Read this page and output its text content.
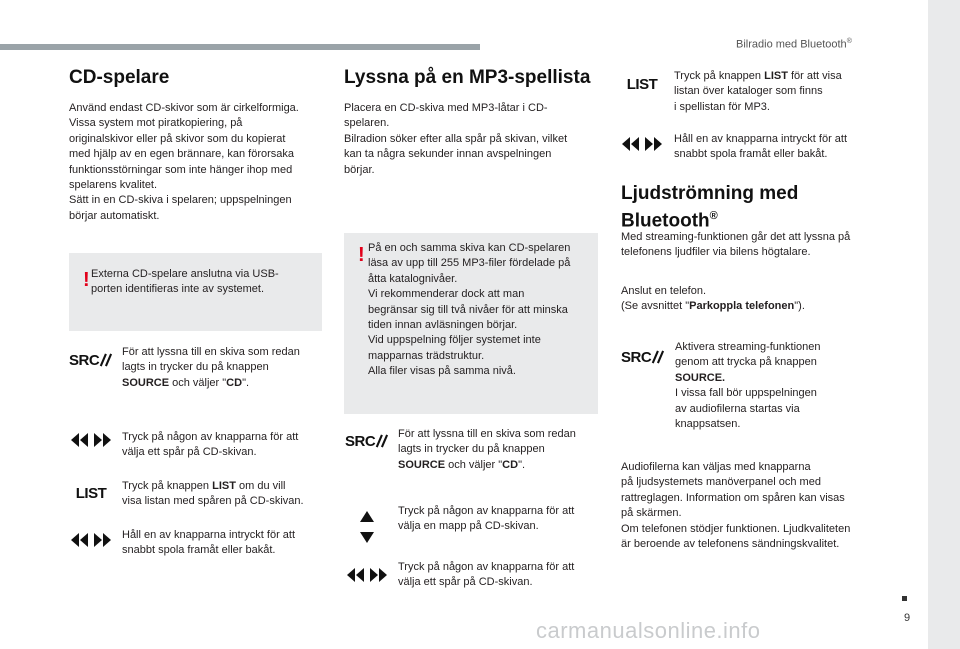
Bilradio med Bluetooth®
9
carmanualsonline.info
CD-spelare
Använd endast CD-skivor som är cirkelformiga.
Vissa system mot piratkopiering, på
originalskivor eller på skivor som du kopierat
med hjälp av en egen brännare, kan förorsaka
funktionsstörningar som inte hänger ihop med
spelarens kvalitet.
Sätt in en CD-skiva i spelaren; uppspelningen
börjar automatiskt.
! Externa CD-spelare anslutna via USB-
porten identifieras inte av systemet.
SRC För att lyssna till en skiva som redan
lagts in trycker du på knappen
SOURCE och väljer "CD".
Tryck på någon av knapparna för att
välja ett spår på CD-skivan.
LIST Tryck på knappen LIST om du vill
visa listan med spåren på CD-skivan.
Håll en av knapparna intryckt för att
snabbt spola framåt eller bakåt.
Lyssna på en MP3-spellista
Placera en CD-skiva med MP3-låtar i CD-
spelaren.
Bilradion söker efter alla spår på skivan, vilket
kan ta några sekunder innan avspelningen
börjar.
! På en och samma skiva kan CD-spelaren
läsa av upp till 255 MP3-filer fördelade på
åtta katalognivåer.
Vi rekommenderar dock att man
begränsar sig till två nivåer för att minska
tiden innan avläsningen börjar.
Vid uppspelning följer systemet inte
mapparnas trädstruktur.
Alla filer visas på samma nivå.
SRC För att lyssna till en skiva som redan
lagts in trycker du på knappen
SOURCE och väljer "CD".
Tryck på någon av knapparna för att
välja en mapp på CD-skivan.
Tryck på någon av knapparna för att
välja ett spår på CD-skivan.
LIST Tryck på knappen LIST för att visa
listan över kataloger som finns
i spellistan för MP3.
Håll en av knapparna intryckt för att
snabbt spola framåt eller bakåt.
Ljudströmning med
Bluetooth®
Med streaming-funktionen går det att lyssna på
telefonens ljudfiler via bilens högtalare.
Anslut en telefon.
(Se avsnittet "Parkoppla telefonen").
SRC
Aktivera streaming-funktionen
genom att trycka på knappen
SOURCE.
I vissa fall bör uppspelningen
av audiofilerna startas via
knappsatsen.
Audiofilerna kan väljas med knapparna
på ljudsystemets manöverpanel och med
rattreglagen. Information om spåren kan visas
på skärmen.
Om telefonen stödjer funktionen. Ljudkvaliteten
är beroende av telefonens sändningskvalitet.
